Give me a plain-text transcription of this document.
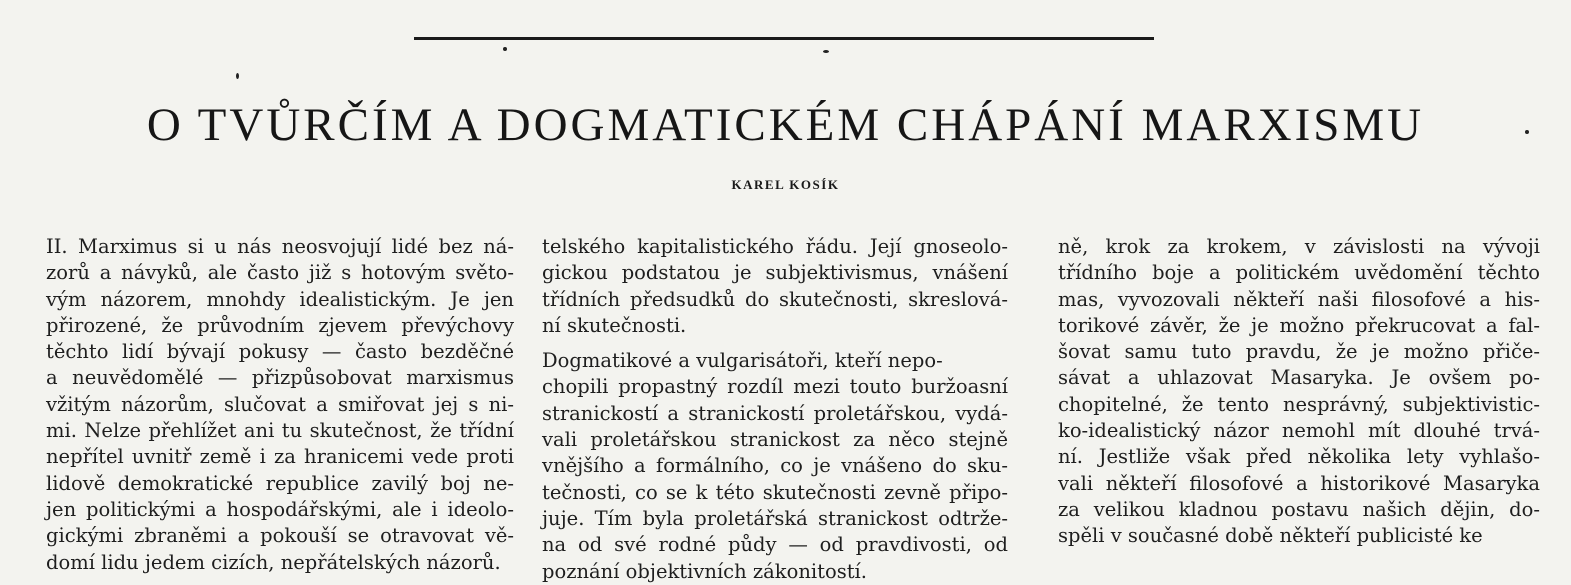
O TVŮRČÍM A DOGMATICKÉM CHÁPÁNÍ MARXISMU
KAREL KOSÍK
II. Marximus si u nás neosvojují lidé bez ná-
zorů a návyků, ale často již s hotovým světo-
vým názorem, mnohdy idealistickým. Je jen
přirozené, že průvodním zjevem převýchovy
těchto lidí bývají pokusy — často bezděčné
a neuvědomělé — přizpůsobovat marxismus
vžitým názorům, slučovat a smiřovat jej s ni-
mi. Nelze přehlížet ani tu skutečnost, že třídní
nepřítel uvnitř země i za hranicemi vede proti
lidově demokratické republice zavilý boj ne-
jen politickými a hospodářskými, ale i ideolo-
gickými zbraněmi a pokouší se otravovat vě-
domí lidu jedem cizích, nepřátelských názorů.
telského kapitalistického řádu. Její gnoseolo-
gickou podstatou je subjektivismus, vnášení
třídních předsudků do skutečnosti, skreslová-
ní skutečnosti.
Dogmatikové a vulgarisátoři, kteří nepo-
chopili propastný rozdíl mezi touto buržoasní
stranickostí a stranickostí proletářskou, vydá-
vali proletářskou stranickost za něco stejně
vnějšího a formálního, co je vnášeno do sku-
tečnosti, co se k této skutečnosti zevně připo-
juje. Tím byla proletářská stranickost odtrže-
na od své rodné půdy — od pravdivosti, od
poznání objektivních zákonitostí.
ně, krok za krokem, v závislosti na vývoji
třídního boje a politickém uvědomění těchto
mas, vyvozovali někteří naši filosofové a his-
torikové závěr, že je možno překrucovat a fal-
šovat samu tuto pravdu, že je možno přiče-
sávat a uhlazovat Masaryka. Je ovšem po-
chopitelné, že tento nesprávný, subjektivistic-
ko-idealistický názor nemohl mít dlouhé trvá-
ní. Jestliže však před několika lety vyhlašo-
vali někteří filosofové a historikové Masaryka
za velikou kladnou postavu našich dějin, do-
spěli v současné době někteří publicisté ke
